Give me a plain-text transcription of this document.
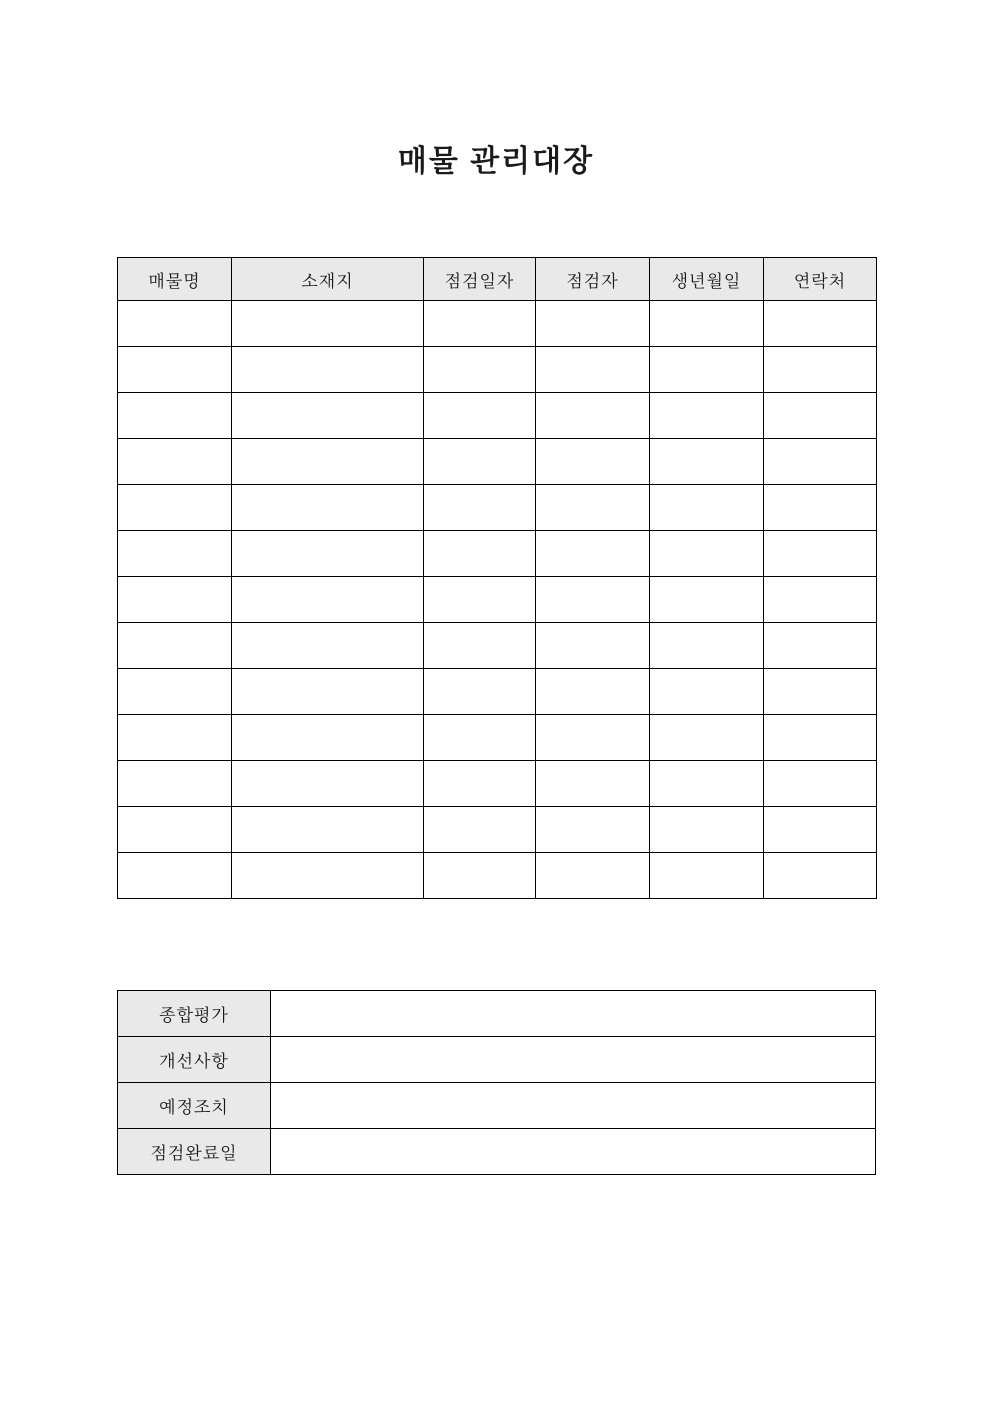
매물 관리대장
매물명	소재지	점검일자	점검자	생년월일	연락처

종합평가	
개선사항	
예정조치	
점검완료일	
